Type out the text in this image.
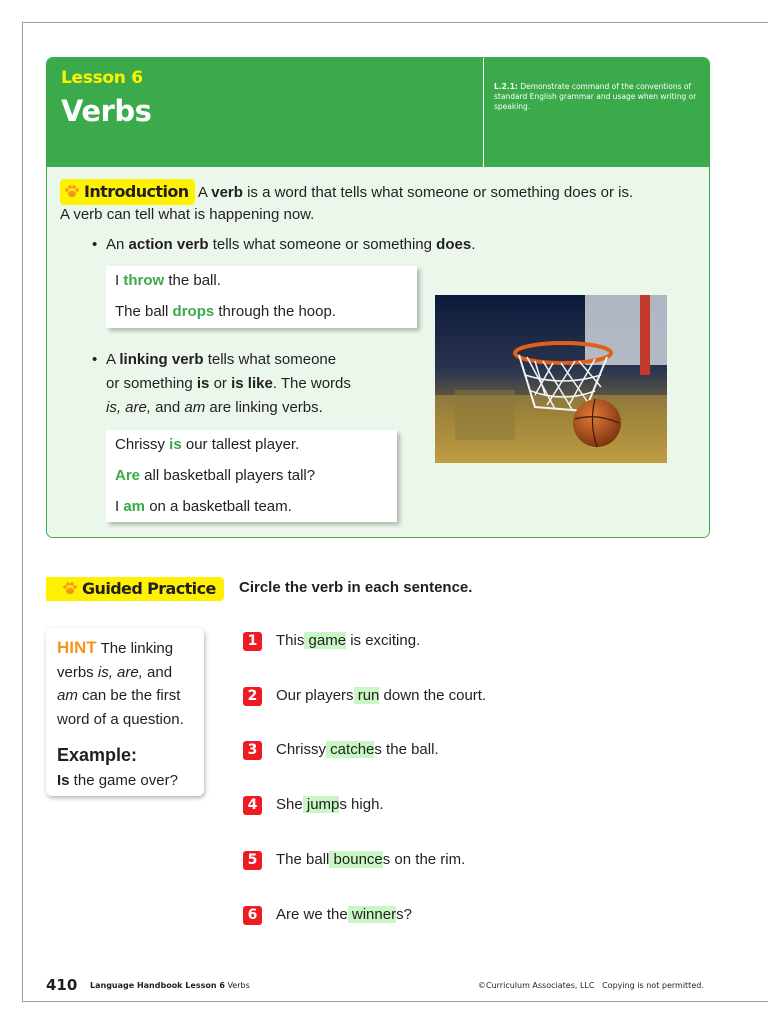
Lesson 6
Verbs
L.2.1: Demonstrate command of the conventions of standard English grammar and usage when writing or speaking.
Introduction A verb is a word that tells what someone or something does or is.
A verb can tell what is happening now.
• An action verb tells what someone or something does.
I throw the ball.
The ball drops through the hoop.
• A linking verb tells what someone
or something is or is like. The words
is, are, and am are linking verbs.
Chrissy is our tallest player.
Are all basketball players tall?
I am on a basketball team.
Guided Practice	Circle the verb in each sentence.
HINT The linking verbs is, are, and am can be the first word of a question.
Example:
Is the game over?
1 This game is exciting.
2 Our players run down the court.
3 Chrissy catches the ball.
4 She jumps high.
5 The ball bounces on the rim.
6 Are we the winners?
410 Language Handbook Lesson 6 Verbs	©Curriculum Associates, LLC Copying is not permitted.
